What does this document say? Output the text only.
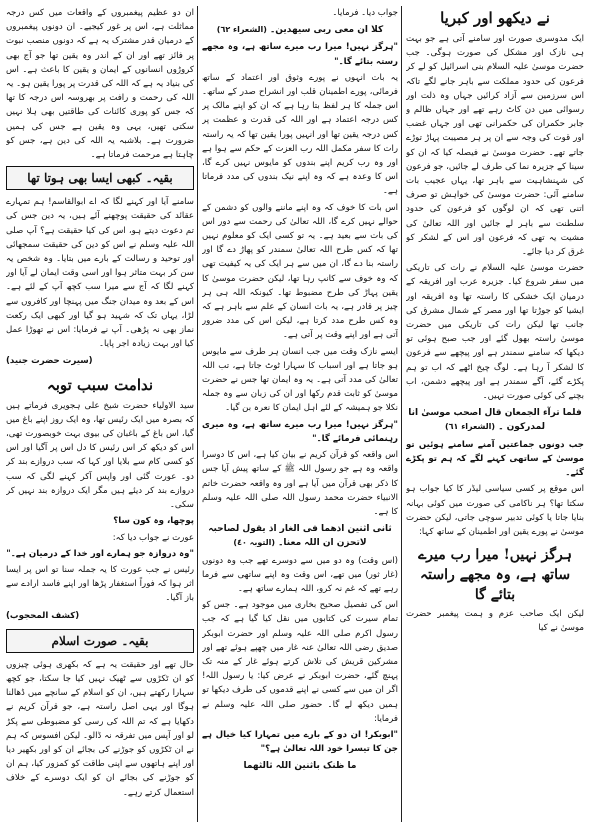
نے دیکھو اور کبریا

ایک مدوسری صورت اور سامنے آتی ہے جو بہت ہی نازک اور مشکل کی صورت ہوگی۔ جب حضرت موسیٰ علیہ السلام بنی اسرائیل کو لے کر فرعون کی حدود مملکت سے باہر جانے لگے تاکہ اس سرزمین سے آزاد کرائیں جہاں وہ ذلت اور رسوائی میں دن کاٹ رہے تھے اور جہاں ظالم و جابر حکمران کی حکمرانی تھی اور جہاں غضب اور قوت کی وجہ سے ان پر ہر مصیبت پہاڑ توڑے جاتے تھے۔ حضرت موسیٰ نے فیصلہ کیا کہ ان کو سینا کے جزیرہ نما کی طرف لے جائیں، جو فرعون کی شہنشاہیت سے باہر تھا، یہاں عجیب بات سامنے آئی: حضرت موسیٰ کی خواہش تو صرف اتنی تھی کہ ان لوگوں کو فرعون کی حدود سلطنت سے باہر لے جائیں اور اللہ تعالیٰ کی مشیت یہ تھی کہ فرعون اور اس کے لشکر کو غرق کر دیا جائے۔

حضرت موسیٰ علیہ السلام نے رات کی تاریکی میں سفر شروع کیا۔ جزیرہ عرب اور افریقہ کے درمیان ایک خشکی کا راستہ تھا وہ افریقہ اور ایشیا کو جوڑتا تھا اور مصر کے شمال مشرق کی جانب تھا لیکن رات کی تاریکی میں حضرت موسیٰ راستہ بھول گئے اور جب صبح ہوئی تو دیکھا کہ سامنے سمندر ہے اور پیچھے سے فرعون کا لشکر آ رہا ہے۔ لوگ چیخ اٹھے کہ اب تو ہم پکڑے گئے، آگے سمندر ہے اور پیچھے دشمن، اب بچنے کی کوئی صورت نہیں۔

فلما ترآء الجمعان قال اصحب موسیٰ انا لمدرکون ۔ (الشعراء ٦١)

جب دونوں جماعتیں آمنے سامنے ہوئیں تو موسیٰ کے ساتھی کہنے لگے کہ ہم تو پکڑے گئے۔

اس موقع پر کسی سیاسی لیڈر کا کیا جواب ہو سکتا تھا؟ ہر ناکامی کی صورت میں کوئی بہانہ بنایا جاتا یا کوئی تدبیر سوچی جاتی، لیکن حضرت موسیٰ نے پورے یقین اور اطمینان کے ساتھ کہا:

ہرگز نہیں! میرا رب میرے ساتھ ہے، وہ مجھے راستہ بتائے گا

لیکن ایک صاحب عزم و ہمت پیغمبر حضرت موسیٰ نے کیا

جواب دیا۔ فرمایا۔

کلا ان معی ربی سیھدین۔ (الشعراء ٦٢)

"ہرگز نہیں! میرا رب میرے ساتھ ہے، وہ مجھے رستہ بتائے گا۔"

یہ بات انہوں نے پورے وثوق اور اعتماد کے ساتھ فرمائی، پورے اطمینان قلب اور انشراح صدر کے ساتھ۔ اس جملہ کا ہر لفظ بتا رہا ہے کہ ان کو اپنے مالک پر کس درجہ اعتماد ہے اور اللہ کی قدرت و عظمت پر کس درجہ یقین تھا اور انہیں پورا یقین تھا کہ یہ راستہ رات کا سفر مکمل اللہ رب العزت کے حکم سے ہوا ہے اور وہ رب کریم اپنے بندوں کو مایوس نہیں کرے گا، اس کا وعدہ ہے کہ وہ اپنے نیک بندوں کی مدد فرماتا ہے۔

اس بات کا خوف کہ وہ اپنے ماننے والوں کو دشمن کے حوالے نہیں کرے گا، اللہ تعالیٰ کی رحمت سے دور اس کی بات سے بعید ہے۔ یہ تو کسی ایک کو معلوم نہیں تھا کہ کس طرح اللہ تعالیٰ سمندر کو پھاڑ دے گا اور راستہ بنا دے گا، ان میں سے ہر ایک کی یہ کیفیت تھی کہ وہ خوف سے کانپ رہا تھا، لیکن حضرت موسیٰ کا یقین پہاڑ کی طرح مضبوط تھا۔ کیونکہ اللہ ہی ہر چیز پر قادر ہے، یہ بات انسان کے علم سے باہر ہے کہ وہ کس طرح مدد کرتا ہے، لیکن اس کی مدد ضرور آتی ہے اور اپنے وقت پر آتی ہے۔

ایسے نازک وقت میں جب انسان ہر طرف سے مایوس ہو جاتا ہے اور اسباب کا سہارا ٹوٹ جاتا ہے، تب اللہ تعالیٰ کی مدد آتی ہے۔ یہ وہ ایمان تھا جس نے حضرت موسیٰ کو ثابت قدم رکھا اور ان کی زبان سے وہ جملہ نکلا جو ہمیشہ کے لئے اہل ایمان کا نعرہ بن گیا۔

"ہرگز نہیں! میرا رب میرے ساتھ ہے، وہ میری رہنمائی فرمائے گا۔"

اس واقعہ کو قرآن کریم نے بیان کیا ہے، اس کا دوسرا واقعہ وہ ہے جو رسول اللہ ﷺ کے ساتھ پیش آیا جس کا ذکر بھی قرآن میں آیا ہے اور وہ واقعہ حضرت خاتم الانبیاء حضرت محمد رسول اللہ صلی اللہ علیہ وسلم کا ہے۔

ثانی اثنین اذھما فی الغار اذ یقول لصاحبہ لاتحزن ان اللہ معنا۔ (التوبہ ٤٠)

(اس وقت) وہ دو میں سے دوسرے تھے جب وہ دونوں (غار ثور) میں تھے، اس وقت وہ اپنے ساتھی سے فرما رہے تھے کہ غم نہ کرو، اللہ ہمارے ساتھ ہے۔

اس کی تفصیل صحیح بخاری میں موجود ہے۔ جس کو تمام سیرت کی کتابوں میں نقل کیا گیا ہے کہ جب رسول اکرم صلی اللہ علیہ وسلم اور حضرت ابوبکر صدیق رضی اللہ تعالیٰ عنہ غار میں چھپے ہوئے تھے اور مشرکین قریش کی تلاش کرتے ہوئے غار کے منہ تک پہنچ گئے، حضرت ابوبکر نے عرض کیا: یا رسول اللہ! اگر ان میں سے کسی نے اپنے قدموں کی طرف دیکھا تو ہمیں دیکھ لے گا۔ حضور صلی اللہ علیہ وسلم نے فرمایا:

"ابوبکر! ان دو کے بارے میں تمہارا کیا خیال ہے جن کا تیسرا خود اللہ تعالیٰ ہے؟"

ما ظنک باثنین اللہ ثالثھما

ان دو عظیم پیغمبروں کے واقعات میں کس درجہ مماثلت ہے، اس پر غور کیجیے۔ ان دونوں پیغمبروں کے درمیان قدر مشترک یہ ہے کہ دونوں منصب نبوت پر فائز تھے اور ان کے اندر وہ یقین تھا جو آج بھی کروڑوں انسانوں کے ایمان و یقین کا باعث ہے۔ اس کی بنیاد یہ ہے کہ اللہ کی قدرت پر پورا یقین ہو۔ یہ اللہ کی رحمت و رافت پر بھروسہ اس درجہ کا تھا کہ جس کو پوری کائنات کی طاقتیں بھی ہلا نہیں سکتی تھیں، یہی وہ یقین ہے جس کی ہمیں ضرورت ہے۔ بلاشبہ یہ اللہ کی دین ہے، جس کو چاہتا ہے مرحمت فرماتا ہے۔

بقیہ۔ کبھی ایسا بھی ہوتا تھا

سامنے آیا اور کہنے لگا کہ اے ابوالقاسم! ہم تمہارے عقائد کی حقیقت پوچھنے آئے ہیں، یہ دین جس کی تم دعوت دیتے ہو، اس کی کیا حقیقت ہے؟ آپ صلی اللہ علیہ وسلم نے اس کو دین کی حقیقت سمجھائی اور توحید و رسالت کے بارے میں بتایا۔ وہ شخص یہ سن کر بہت متاثر ہوا اور اسی وقت ایمان لے آیا اور کہنے لگا کہ آج سے میرا سب کچھ آپ کے لئے ہے۔ اس کے بعد وہ میدان جنگ میں پہنچا اور کافروں سے لڑا، یہاں تک کہ شہید ہو گیا اور کبھی ایک رکعت نماز بھی نہ پڑھی۔ آپ نے فرمایا: اس نے تھوڑا عمل کیا اور بہت زیادہ اجر پایا۔

(سیرت حضرت جنید)
ندامت سبب توبہ

سید الاولیاء حضرت شیخ علی ہجویری فرماتے ہیں کہ بصرہ میں ایک رئیس تھا، وہ ایک روز اپنے باغ میں گیا، اس باغ کے باغبان کی بیوی بہت خوبصورت تھی، اس کو دیکھ کر اس رئیس کا دل اس پر آگیا اور اس کو کسی کام سے بلایا اور کہا کہ سب دروازے بند کر دو۔ عورت گئی اور واپس آکر کہنے لگی کہ سب دروازے بند کر دیئے ہیں مگر ایک دروازہ بند نہیں کر سکی۔

پوچھا، وہ کون سا؟

عورت نے جواب دیا کہ:

"وہ دروازہ جو ہمارے اور خدا کے درمیان ہے۔"

رئیس نے جب عورت کا یہ جملہ سنا تو اس پر ایسا اثر ہوا کہ فوراً استغفار پڑھا اور اپنے فاسد ارادے سے باز آگیا۔

(کشف المحجوب)
بقیہ۔ صورت اسلام

حال تھے اور حقیقت یہ ہے کہ بکھری ہوئی چیزوں کو ان ٹکڑوں سے ٹھیک نہیں کیا جا سکتا، جو کچھ سہارا رکھتے ہیں، ان کو اسلام کے سانچے میں ڈھالنا ہوگا اور یہی اصل راستہ ہے، جو قرآن کریم نے دکھایا ہے کہ تم اللہ کی رسی کو مضبوطی سے پکڑ لو اور آپس میں تفرقہ نہ ڈالو۔ لیکن افسوس کہ ہم نے ان ٹکڑوں کو جوڑنے کی بجائے ان کو اور بکھیر دیا اور اپنے ہاتھوں سے اپنی طاقت کو کمزور کیا، ہم ان کو جوڑنے کی بجائے ان کو ایک دوسرے کے خلاف استعمال کرتے رہے۔
